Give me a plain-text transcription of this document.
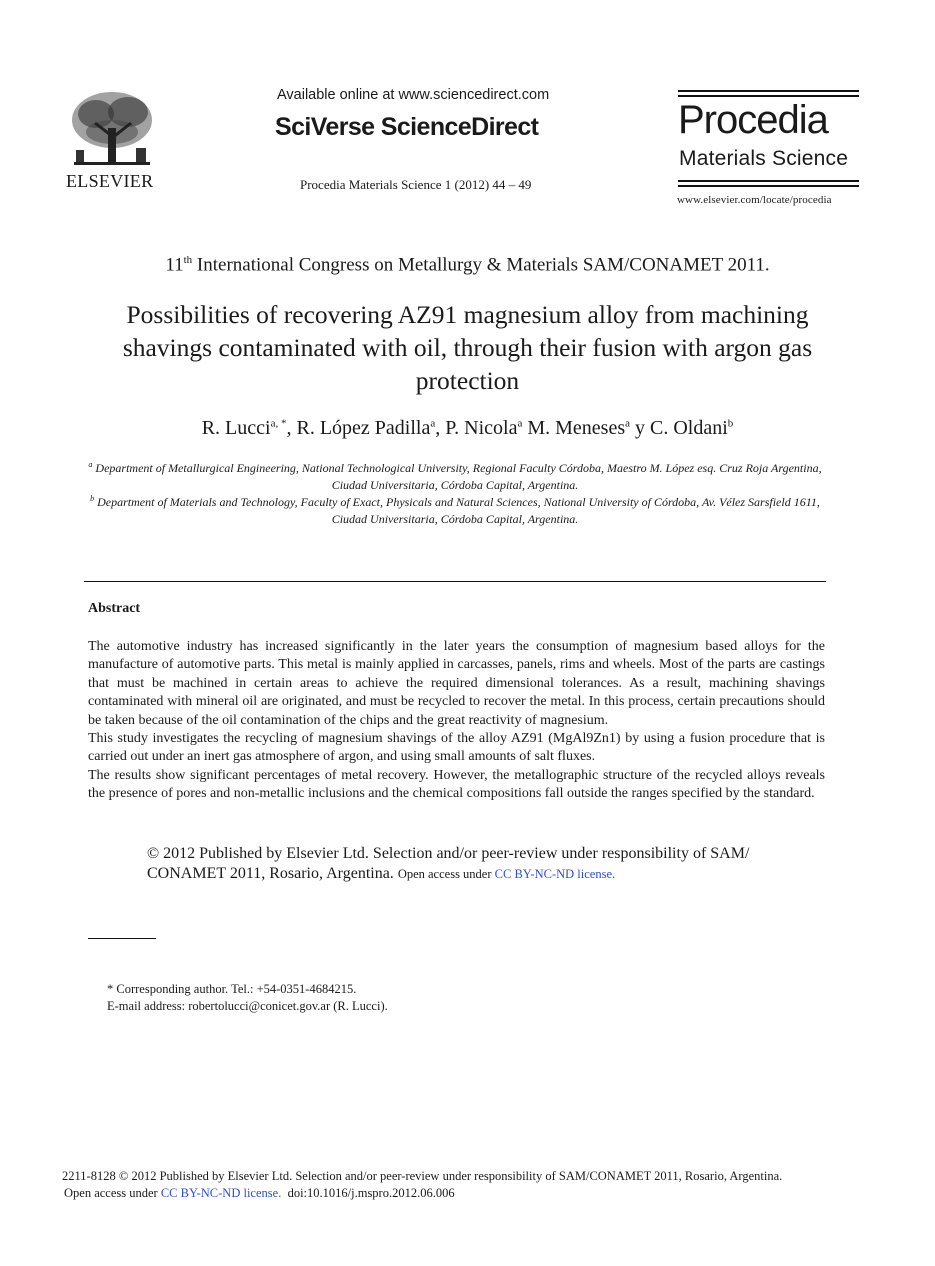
ELSEVIER
Available online at www.sciencedirect.com
SciVerse ScienceDirect
Procedia Materials Science 1 (2012) 44 – 49
Procedia
Materials Science
www.elsevier.com/locate/procedia
11th International Congress on Metallurgy & Materials SAM/CONAMET 2011.
Possibilities of recovering AZ91 magnesium alloy from machining shavings contaminated with oil, through their fusion with argon gas protection
R. Lucci$^{a, *}$, R. López Padilla$^a$, P. Nicola$^a$ M. Meneses$^a$ y C. Oldani$^b$
$^a$ Department of Metallurgical Engineering, National Technological University, Regional Faculty Córdoba, Maestro M. López esq. Cruz Roja Argentina, Ciudad Universitaria, Córdoba Capital, Argentina.
$^b$ Department of Materials and Technology, Faculty of Exact, Physicals and Natural Sciences, National University of Córdoba, Av. Vélez Sarsfield 1611, Ciudad Universitaria, Córdoba Capital, Argentina.
Abstract

The automotive industry has increased significantly in the later years the consumption of magnesium based alloys for the manufacture of automotive parts. This metal is mainly applied in carcasses, panels, rims and wheels. Most of the parts are castings that must be machined in certain areas to achieve the required dimensional tolerances. As a result, machining shavings contaminated with mineral oil are originated, and must be recycled to recover the metal. In this process, certain precautions should be taken because of the oil contamination of the chips and the great reactivity of magnesium.

This study investigates the recycling of magnesium shavings of the alloy AZ91 (MgAl9Zn1) by using a fusion procedure that is carried out under an inert gas atmosphere of argon, and using small amounts of salt fluxes.

The results show significant percentages of metal recovery. However, the metallographic structure of the recycled alloys reveals the presence of pores and non-metallic inclusions and the chemical compositions fall outside the ranges specified by the standard.

© 2012 Published by Elsevier Ltd. Selection and/or peer-review under responsibility of SAM/
CONAMET 2011, Rosario, Argentina. Open access under CC BY-NC-ND license.
* Corresponding author. Tel.: +54-0351-4684215.
E-mail address: robertolucci@conicet.gov.ar (R. Lucci).
2211-8128 © 2012 Published by Elsevier Ltd. Selection and/or peer-review under responsibility of SAM/CONAMET 2011, Rosario, Argentina.
Open access under CC BY-NC-ND license. doi:10.1016/j.mspro.2012.06.006
